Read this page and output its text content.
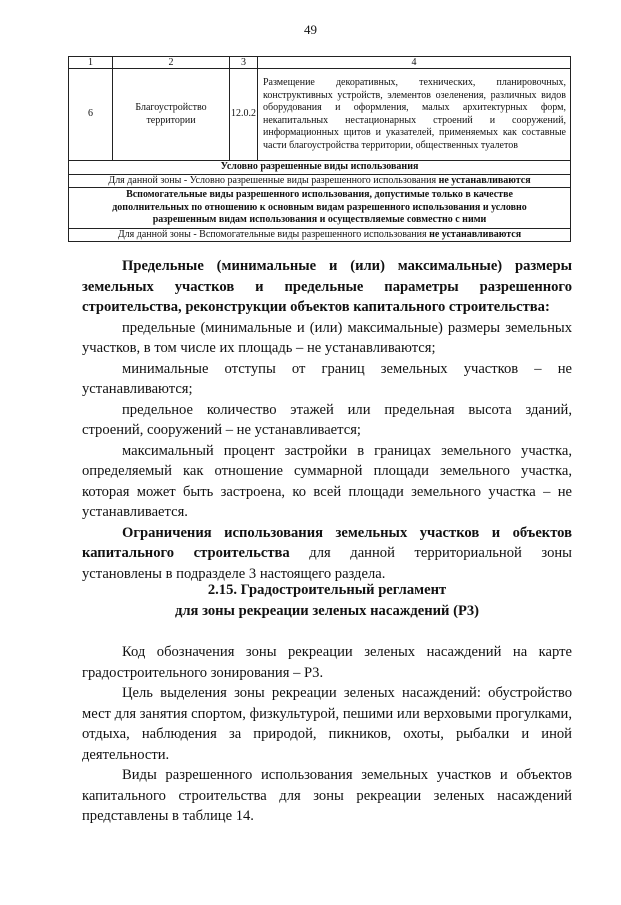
49
1	2	3	4
6	Благоустройство территории	12.0.2	Размещение декоративных, технических, планировочных, конструктивных устройств, элементов озеленения, различных видов оборудования и оформления, малых архитектурных форм, некапитальных нестационарных строений и сооружений, информационных щитов и указателей, применяемых как составные части благоустройства территории, общественных туалетов
Условно разрешенные виды использования			
Для данной зоны - Условно разрешенные виды разрешенного использования не устанавливаются			
Вспомогательные виды разрешенного использования, допустимые только в качестве дополнительных по отношению к основным видам разрешенного использования и условно разрешенным видам использования и осуществляемые совместно с ними			
Для данной зоны - Вспомогательные виды разрешенного использования не устанавливаются			

Предельные (минимальные и (или) максимальные) размеры земельных участков и предельные параметры разрешенного строительства, реконструкции объектов капитального строительства:

предельные (минимальные и (или) максимальные) размеры земельных участков, в том числе их площадь – не устанавливаются;

минимальные отступы от границ земельных участков – не устанавливаются;

предельное количество этажей или предельная высота зданий, строений, сооружений – не устанавливается;

максимальный процент застройки в границах земельного участка, определяемый как отношение суммарной площади земельного участка, которая может быть застроена, ко всей площади земельного участка – не устанавливается.

Ограничения использования земельных участков и объектов капитального строительства для данной территориальной зоны установлены в подразделе 3 настоящего раздела.

2.15. Градостроительный регламент

для зоны рекреации зеленых насаждений (Р3)

Код обозначения зоны рекреации зеленых насаждений на карте градостроительного зонирования – Р3.

Цель выделения зоны рекреации зеленых насаждений: обустройство мест для занятия спортом, физкультурой, пешими или верховыми прогулками, отдыха, наблюдения за природой, пикников, охоты, рыбалки и иной деятельности.

Виды разрешенного использования земельных участков и объектов капитального строительства для зоны рекреации зеленых насаждений представлены в таблице 14.
